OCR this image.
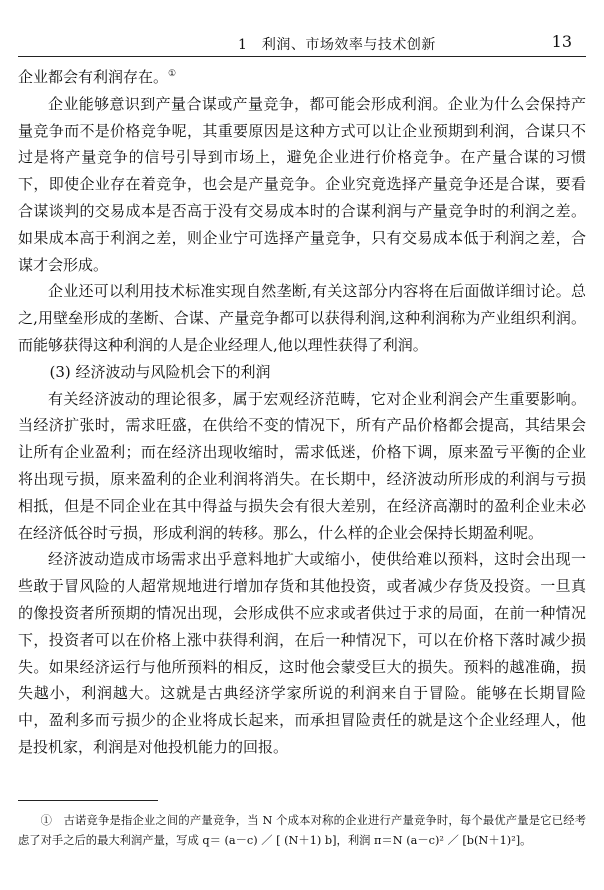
1　利润、市场效率与技术创新	13

企业都会有利润存在。①

企业能够意识到产量合谋或产量竞争，都可能会形成利润。企业为什么会保持产量竞争而不是价格竞争呢，其重要原因是这种方式可以让企业预期到利润，合谋只不过是将产量竞争的信号引导到市场上，避免企业进行价格竞争。在产量合谋的习惯下，即使企业存在着竞争，也会是产量竞争。企业究竟选择产量竞争还是合谋，要看合谋谈判的交易成本是否高于没有交易成本时的合谋利润与产量竞争时的利润之差。如果成本高于利润之差，则企业宁可选择产量竞争，只有交易成本低于利润之差，合谋才会形成。

企业还可以利用技术标准实现自然垄断,有关这部分内容将在后面做详细讨论。总之,用壁垒形成的垄断、合谋、产量竞争都可以获得利润,这种利润称为产业组织利润。而能够获得这种利润的人是企业经理人,他以理性获得了利润。

(3) 经济波动与风险机会下的利润

有关经济波动的理论很多，属于宏观经济范畴，它对企业利润会产生重要影响。当经济扩张时，需求旺盛，在供给不变的情况下，所有产品价格都会提高，其结果会让所有企业盈利；而在经济出现收缩时，需求低迷，价格下调，原来盈亏平衡的企业将出现亏损，原来盈利的企业利润将消失。在长期中，经济波动所形成的利润与亏损相抵，但是不同企业在其中得益与损失会有很大差别，在经济高潮时的盈利企业未必在经济低谷时亏损，形成利润的转移。那么，什么样的企业会保持长期盈利呢。

经济波动造成市场需求出乎意料地扩大或缩小，使供给难以预料，这时会出现一些敢于冒风险的人超常规地进行增加存货和其他投资，或者减少存货及投资。一旦真的像投资者所预期的情况出现，会形成供不应求或者供过于求的局面，在前一种情况下，投资者可以在价格上涨中获得利润，在后一种情况下，可以在价格下落时减少损失。如果经济运行与他所预料的相反，这时他会蒙受巨大的损失。预料的越准确，损失越小，利润越大。这就是古典经济学家所说的利润来自于冒险。能够在长期冒险中，盈利多而亏损少的企业将成长起来，而承担冒险责任的就是这个企业经理人，他是投机家，利润是对他投机能力的回报。

①　古诺竞争是指企业之间的产量竞争，当 N 个成本对称的企业进行产量竞争时，每个最优产量是它已经考虑了对手之后的最大利润产量，写成 q＝ (a－c) ／ [ (N＋1) b]，利润 π＝N (a－c)² ／ [b(N＋1)²]。
